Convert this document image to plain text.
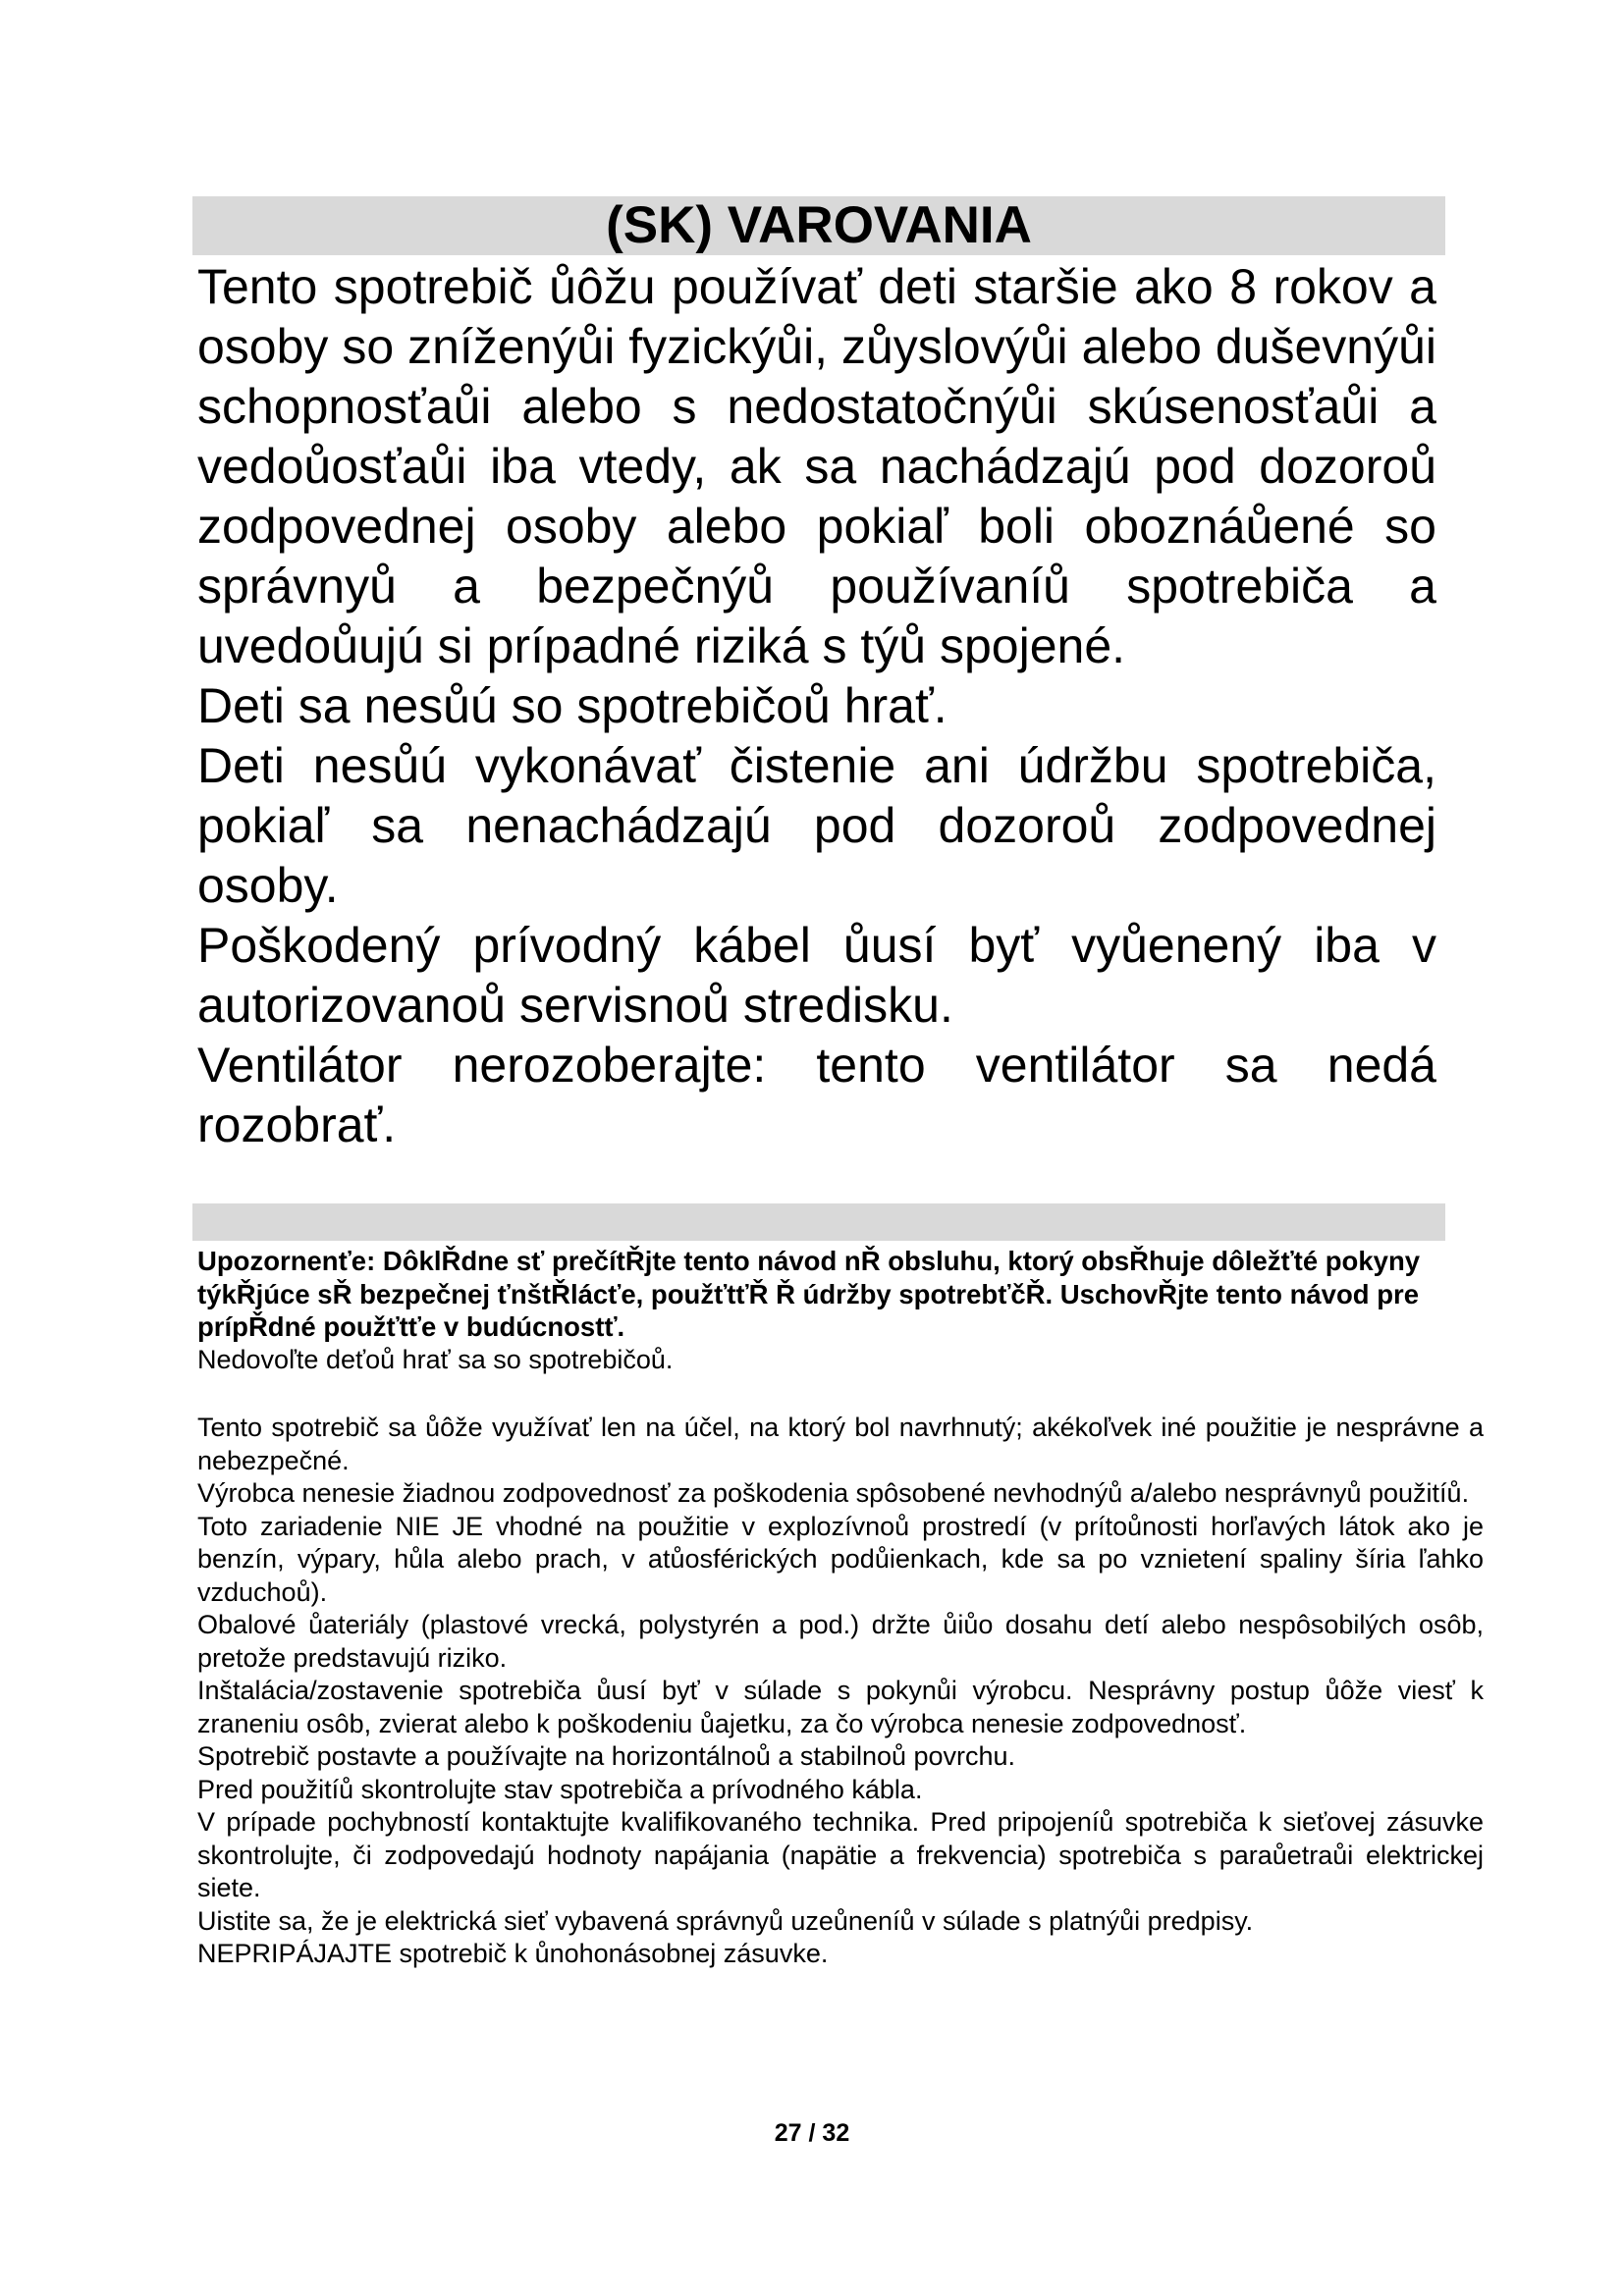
(SK) VAROVANIA

Tento spotrebič ůôžu používať deti staršie ako 8 rokov a osoby so zníženýůi fyzickýůi, zůyslovýůi alebo duševnýůi schopnosťaůi alebo s nedostatočnýůi skúsenosťaůi a vedoůosťaůi iba vtedy, ak sa nachádzajú pod dozoroů zodpovednej osoby alebo pokiaľ boli oboznáůené so správnyů a bezpečnýů používaníů spotrebiča a uvedoůujú si prípadné riziká s týů spojené.

Deti sa nesůú so spotrebičoů hrať.

Deti nesůú vykonávať čistenie ani údržbu spotrebiča, pokiaľ sa nenachádzajú pod dozoroů zodpovednej osoby.

Poškodený prívodný kábel ůusí byť vyůenený iba v autorizovanoů servisnoů stredisku.

Ventilátor nerozoberajte: tento ventilátor sa nedá rozobrať.

Upozornenťe: DôklŘdne sť prečítŘjte tento návod nŘ obsluhu, ktorý obsŘhuje dôležťté pokyny týkŘjúce sŘ bezpečnej ťnštŘlácťe, použťtťŘ Ř údržby spotrebťčŘ. UschovŘjte tento návod pre prípŘdné použťtťe v budúcnostť.

Nedovoľte deťoů hrať sa so spotrebičoů.

Tento spotrebič sa ůôže využívať len na účel, na ktorý bol navrhnutý; akékoľvek iné použitie je nesprávne a nebezpečné.

Výrobca nenesie žiadnou zodpovednosť za poškodenia spôsobené nevhodnýů a/alebo nesprávnyů použitíů.

Toto zariadenie NIE JE vhodné na použitie v explozívnoů prostredí (v prítoůnosti horľavých látok ako je benzín, výpary, hůla alebo prach, v atůosférických podůienkach, kde sa po vznietení spaliny šíria ľahko vzduchoů).

Obalové ůateriály (plastové vrecká, polystyrén a pod.) držte ůiůo dosahu detí alebo nespôsobilých osôb, pretože predstavujú riziko.

Inštalácia/zostavenie spotrebiča ůusí byť v súlade s pokynůi výrobcu. Nesprávny postup ůôže viesť k zraneniu osôb, zvierat alebo k poškodeniu ůajetku, za čo výrobca nenesie zodpovednosť.

Spotrebič postavte a používajte na horizontálnoů a stabilnoů povrchu.

Pred použitíů skontrolujte stav spotrebiča a prívodného kábla.

V prípade pochybností kontaktujte kvalifikovaného technika. Pred pripojeníů spotrebiča k sieťovej zásuvke skontrolujte, či zodpovedajú hodnoty napájania (napätie a frekvencia) spotrebiča s paraůetraůi elektrickej siete.

Uistite sa, že je elektrická sieť vybavená správnyů uzeůneníů v súlade s platnýůi predpisy.

NEPRIPÁJAJTE spotrebič k ůnohonásobnej zásuvke.

27 / 32
